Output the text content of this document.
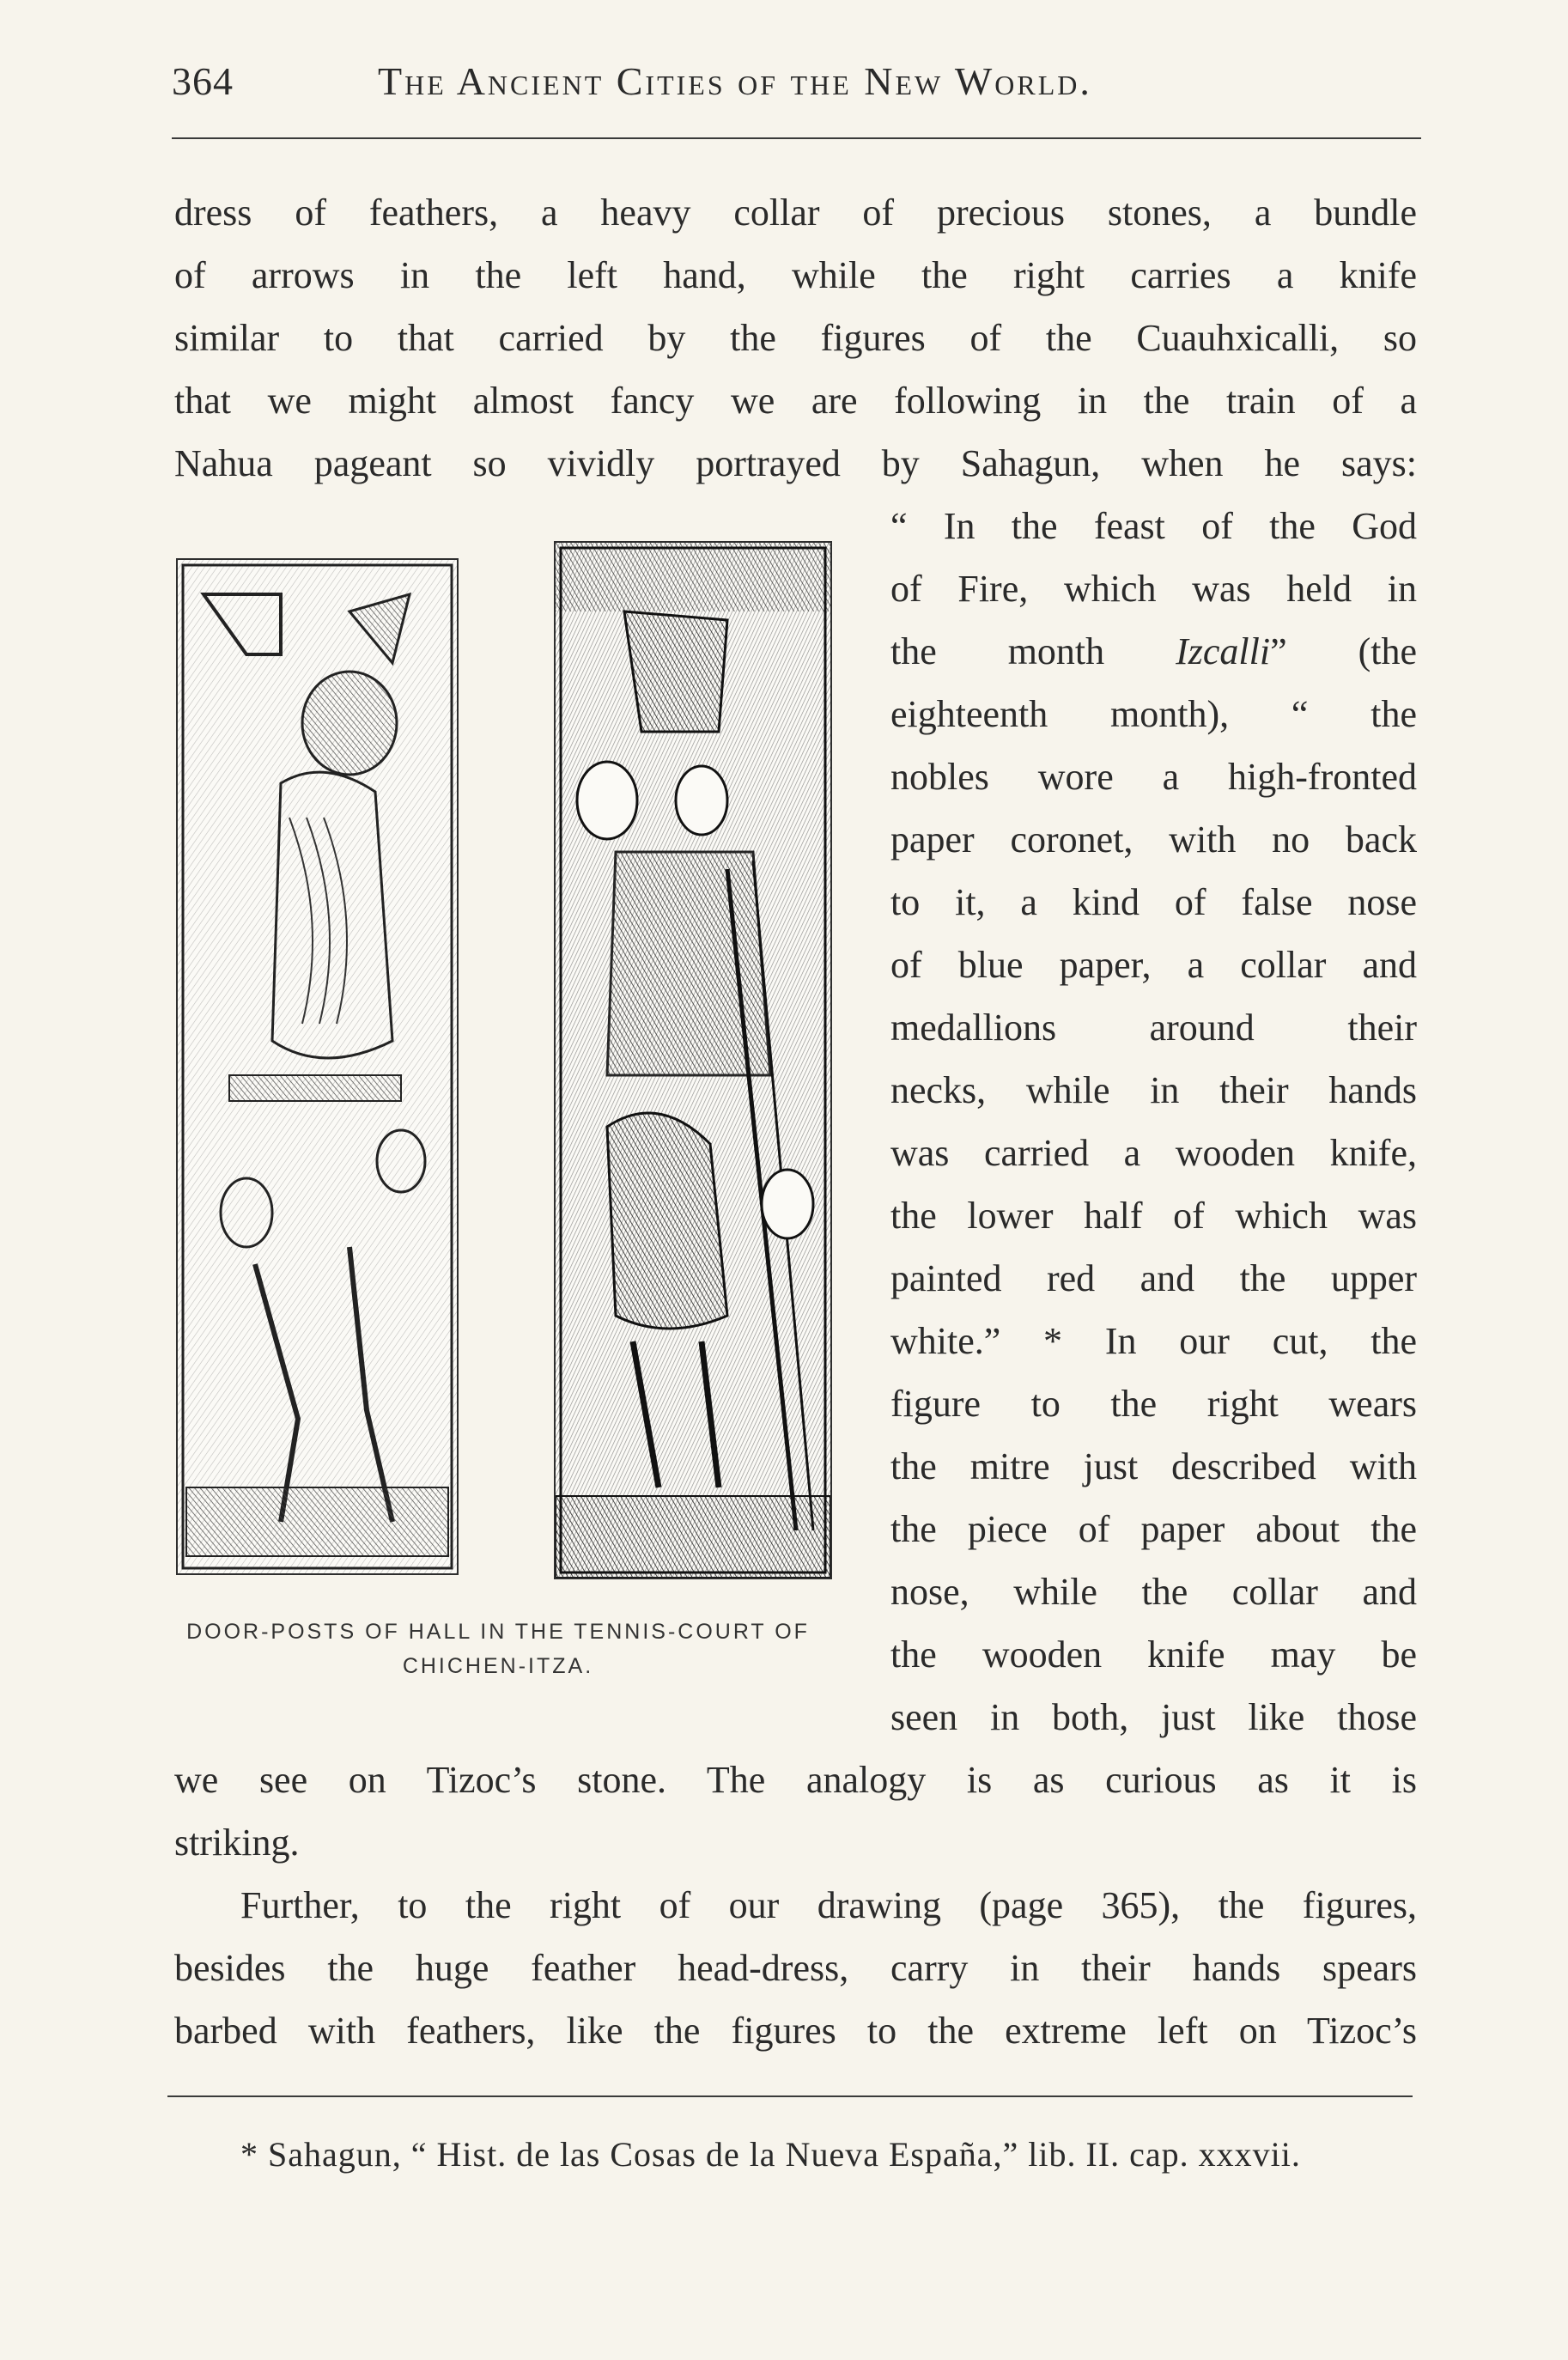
364	The Ancient Cities of the New World.
dress of feathers, a heavy collar of precious stones, a bundle
of arrows in the left hand, while the right carries a knife
similar to that carried by the figures of the Cuauhxicalli, so
that we might almost fancy we are following in the train of a
Nahua pageant so vividly portrayed by Sahagun, when he says:
“ In the feast of the God
of Fire, which was held in
the month Izcalli” (the
eighteenth month), “ the
nobles wore a high-fronted
paper coronet, with no back
to it, a kind of false nose
of blue paper, a collar and
medallions around their
necks, while in their hands
was carried a wooden knife,
the lower half of which was
painted red and the upper
white.” * In our cut, the
figure to the right wears
the mitre just described with
the piece of paper about the
nose, while the collar and
the wooden knife may be
seen in both, just like those
we see on Tizoc’s stone. The analogy is as curious as it is
striking.
Further, to the right of our drawing (page 365), the figures,
besides the huge feather head-dress, carry in their hands spears
barbed with feathers, like the figures to the extreme left on Tizoc’s
DOOR-POSTS OF HALL IN THE TENNIS-COURT OF
CHICHEN-ITZA.
* Sahagun, “ Hist. de las Cosas de la Nueva España,” lib. II. cap. xxxvii.
